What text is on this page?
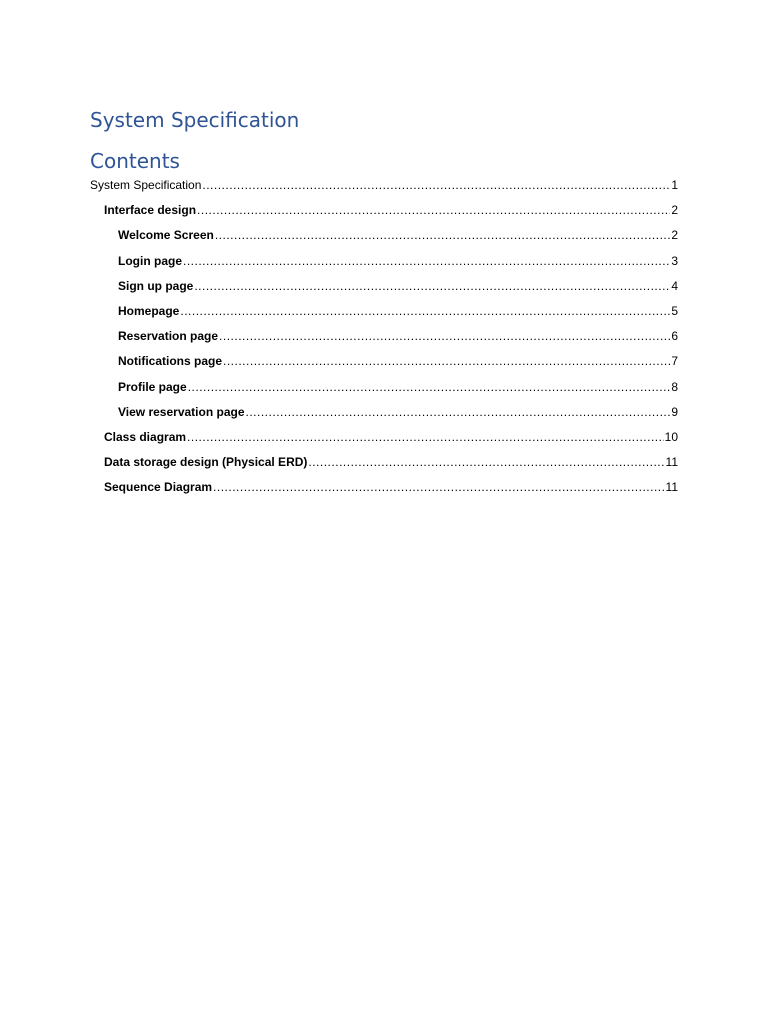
System Specification
Contents
System Specification .....	1
Interface design .....	2
Welcome Screen .....	2
Login page .....	3
Sign up page .....	4
Homepage .....	5
Reservation page .....	6
Notifications page .....	7
Profile page .....	8
View reservation page .....	9
Class diagram .....	10
Data storage design (Physical ERD) .....	11
Sequence Diagram .....	11
